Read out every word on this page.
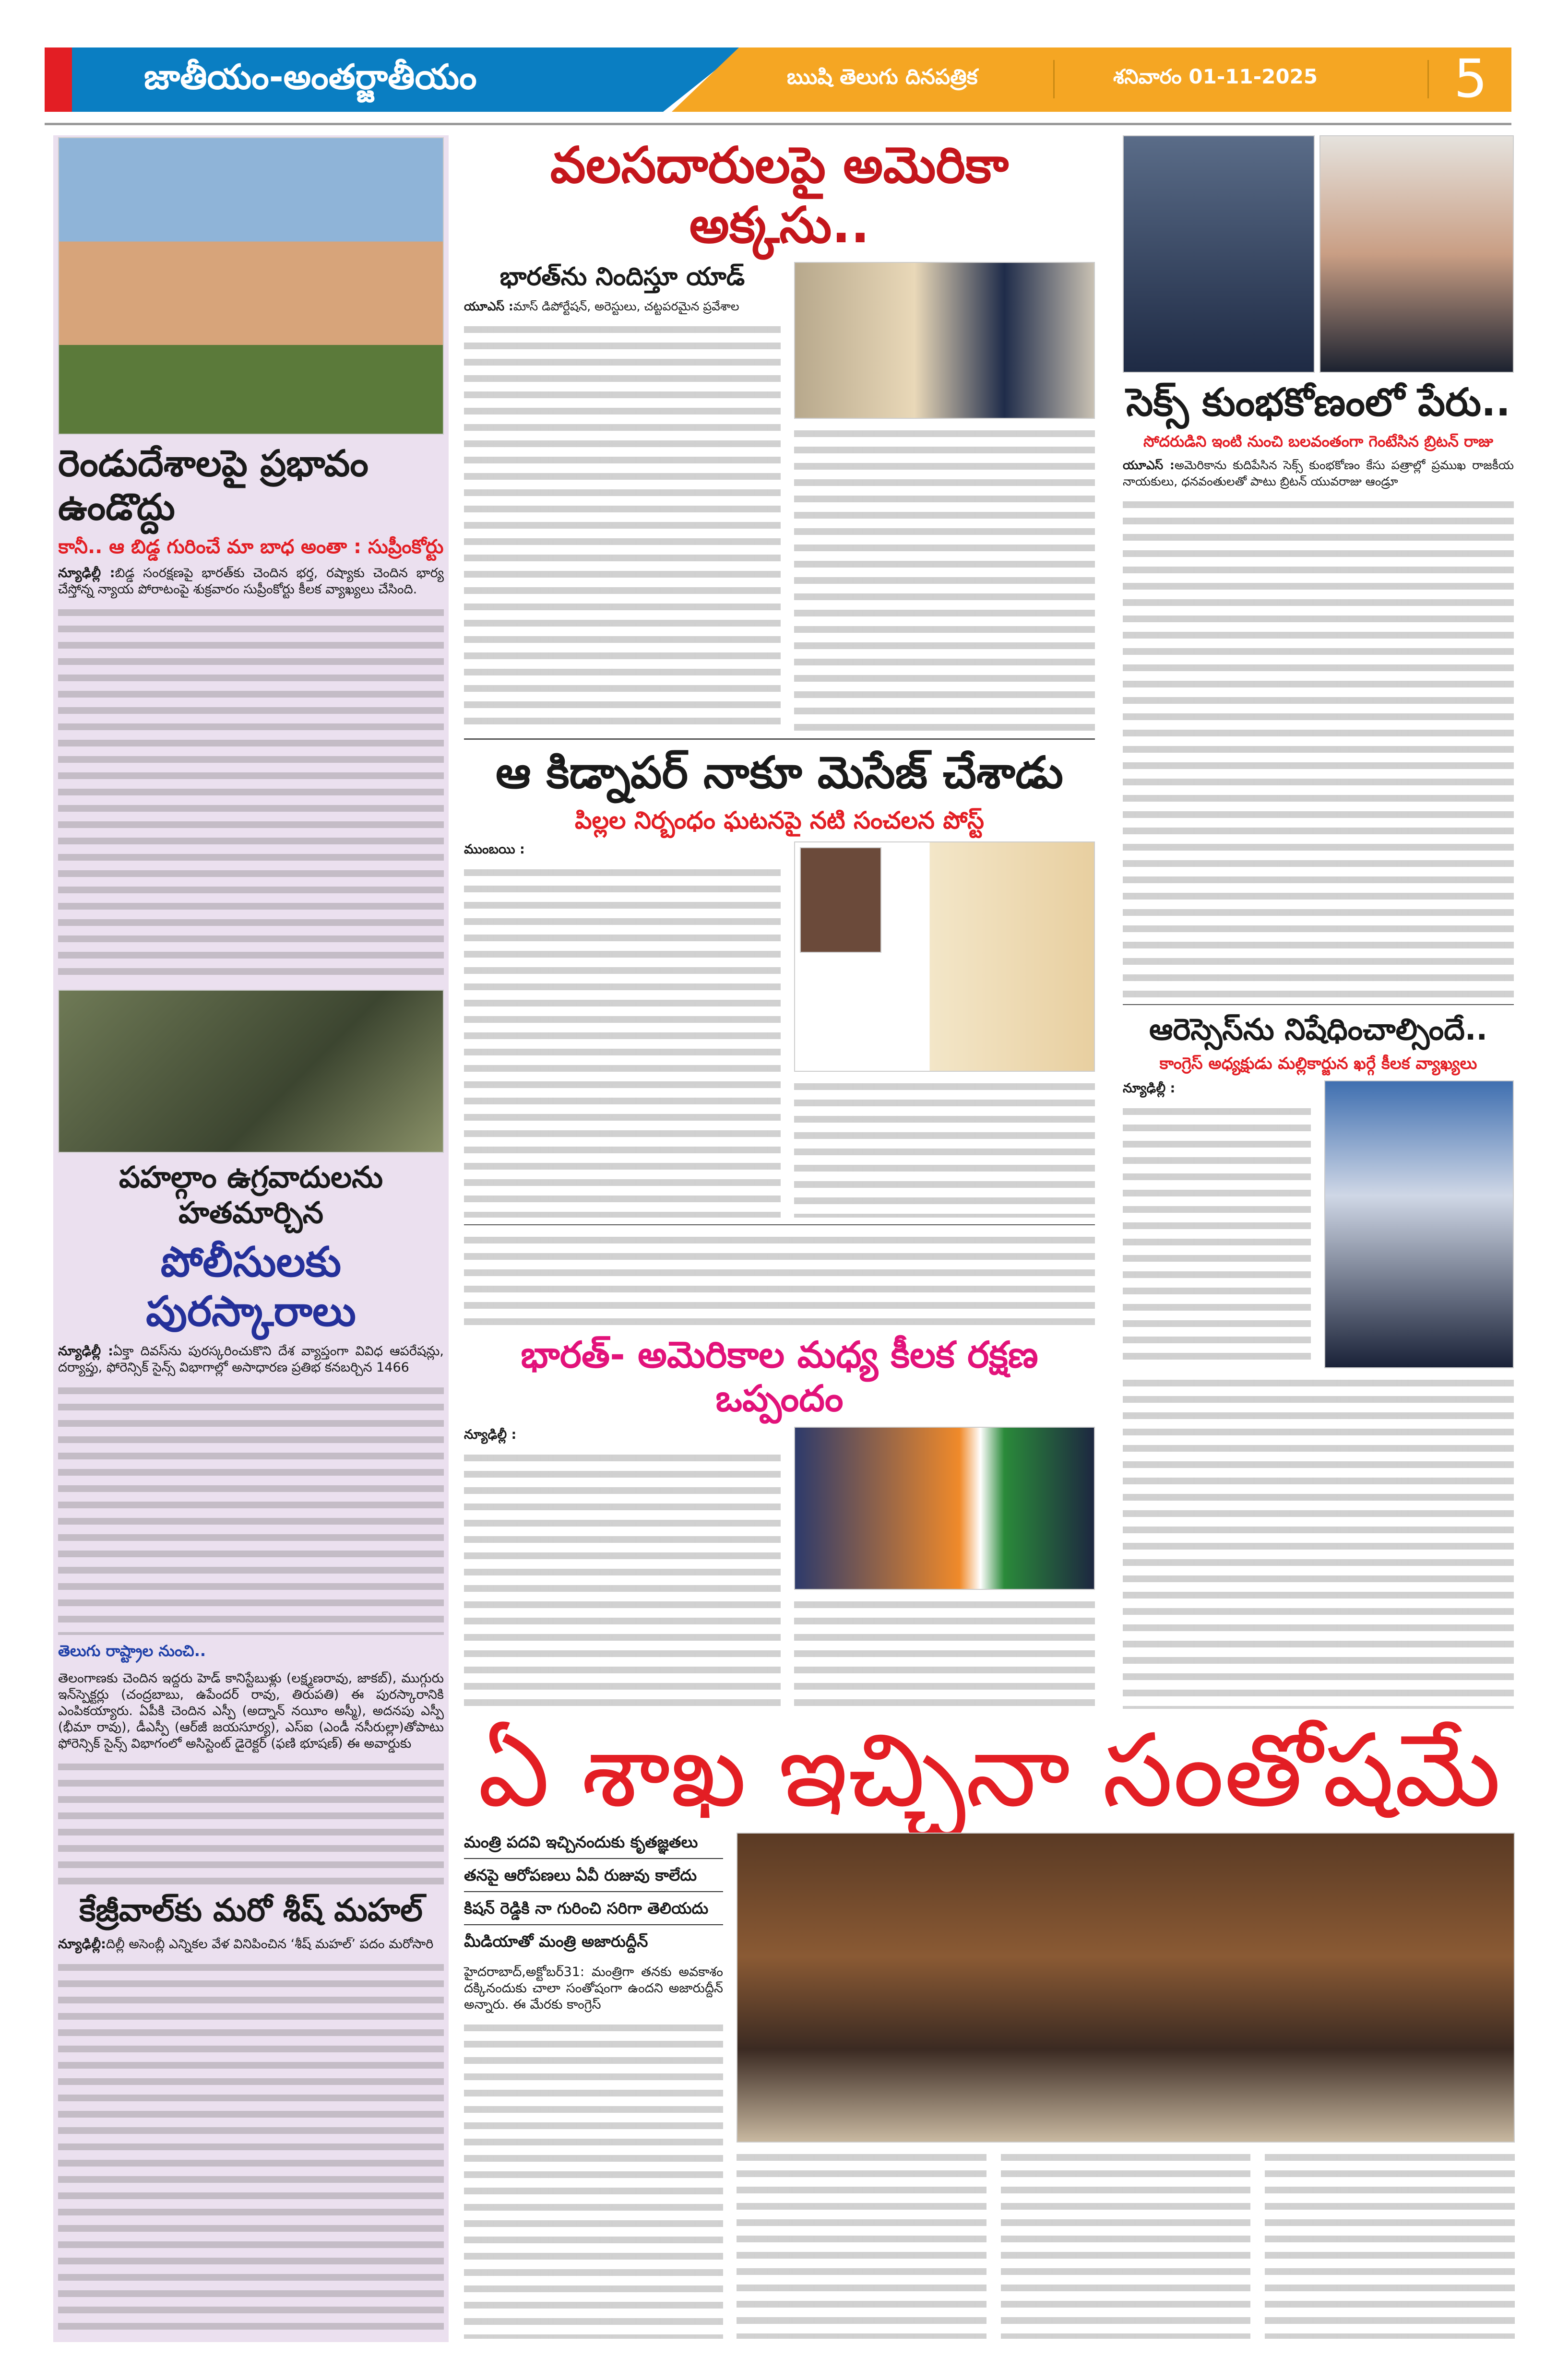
జాతీయం-అంతర్జాతీయం	ఋషి తెలుగు దినపత్రిక	శనివారం 01-11-2025	5
రెండుదేశాలపై ప్రభావం ఉండొద్దు
కానీ.. ఆ బిడ్డ గురించే మా బాధ అంతా : సుప్రీంకోర్టు
న్యూఢిల్లీ :బిడ్డ సంరక్షణపై భారత్‌కు చెందిన భర్త, రష్యాకు చెందిన భార్య చేస్తోన్న న్యాయ పోరాటంపై శుక్రవారం సుప్రీంకోర్టు కీలక వ్యాఖ్యలు చేసింది.
పహల్గాం ఉగ్రవాదులను హతమార్చిన
పోలీసులకు పురస్కారాలు
న్యూఢిల్లీ :ఏక్తా దివస్‌ను పురస్కరించుకొని దేశ వ్యాప్తంగా వివిధ ఆపరేషన్లు, దర్యాప్తు, ఫోరెన్సిక్ సైన్స్ విభాగాల్లో అసాధారణ ప్రతిభ కనబర్చిన 1466
తెలుగు రాష్ట్రాల నుంచి..
తెలంగాణకు చెందిన ఇద్దరు హెడ్ కానిస్టేబుళ్లు (లక్ష్మణరావు, జాకబ్), ముగ్గురు ఇన్‌స్పెక్టర్లు (చంద్రబాబు, ఉపేందర్ రావు, తిరుపతి) ఈ పురస్కారానికి ఎంపికయ్యారు. ఏపీకి చెందిన ఎస్పీ (అద్నాన్ నయీం అస్మీ), అదనపు ఎస్పీ (భీమా రావు), డీఎస్పీ (ఆర్‌జీ జయసూర్య), ఎస్ఐ (ఎండీ నసీరుల్లా)తోపాటు ఫోరెన్సిక్ సైన్స్ విభాగంలో అసిస్టెంట్ డైరెక్టర్ (ఫణి భూషణ్) ఈ అవార్డుకు
కేజ్రీవాల్‌కు మరో శీష్ మహల్
న్యూఢిల్లీ:దిల్లీ అసెంబ్లీ ఎన్నికల వేళ వినిపించిన ‘శీష్ మహల్’ పదం మరోసారి
వలసదారులపై అమెరికా అక్కసు..
భారత్‌ను నిందిస్తూ యాడ్
యూఎస్ :మాస్ డిపోర్టేషన్, అరెస్టులు, చట్టపరమైన ప్రవేశాల
ఆ కిడ్నాపర్ నాకూ మెసేజ్ చేశాడు
పిల్లల నిర్బంధం ఘటనపై నటి సంచలన పోస్ట్
ముంబయి :
భారత్- అమెరికాల మధ్య కీలక రక్షణ ఒప్పందం
న్యూఢిల్లీ :
సెక్స్ కుంభకోణంలో పేరు..
సోదరుడిని ఇంటి నుంచి బలవంతంగా గెంటేసిన బ్రిటన్ రాజు
యూఎస్ :అమెరికాను కుదిపేసిన సెక్స్ కుంభకోణం కేసు పత్రాల్లో ప్రముఖ రాజకీయ నాయకులు, ధనవంతులతో పాటు బ్రిటన్ యువరాజు ఆండ్రూ
ఆరెస్సెస్‌ను నిషేధించాల్సిందే..
కాంగ్రెస్ అధ్యక్షుడు మల్లికార్జున ఖర్గే కీలక వ్యాఖ్యలు
న్యూఢిల్లీ :
ఏ శాఖ ఇచ్చినా సంతోషమే
మంత్రి పదవి ఇచ్చినందుకు కృతజ్ఞతలు
తనపై ఆరోపణలు ఏవీ రుజువు కాలేదు
కిషన్ రెడ్డికి నా గురించి సరిగా తెలియదు
మీడియాతో మంత్రి అజారుద్దీన్
హైదరాబాద్,అక్టోబర్31: మంత్రిగా తనకు అవకాశం దక్కినందుకు చాలా సంతోషంగా ఉందని అజారుద్దీన్ అన్నారు. ఈ మేరకు కాంగ్రెస్
